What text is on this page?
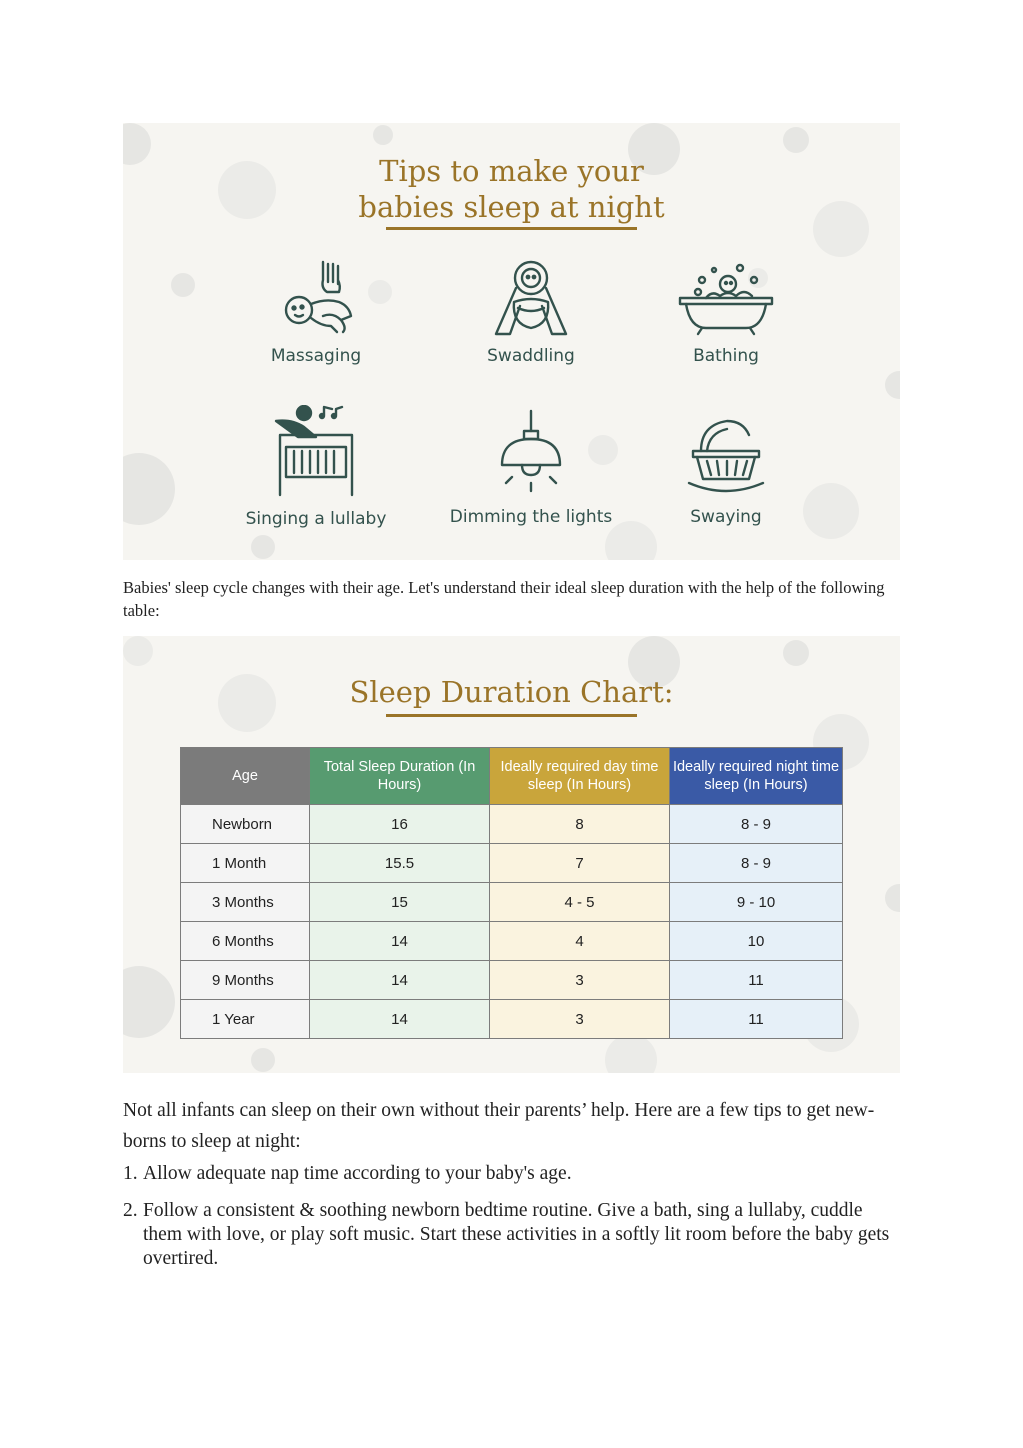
Tips to make your
babies sleep at night
Massaging	Swaddling	Bathing
Singing a lullaby	Dimming the lights	Swaying

Babies' sleep cycle changes with their age. Let's understand their ideal sleep duration with the help of the following table:

Sleep Duration Chart:
Age	Total Sleep Duration (In Hours)	Ideally required day time sleep (In Hours)	Ideally required night time sleep (In Hours)
Newborn	16	8	8 - 9
1 Month	15.5	7	8 - 9
3 Months	15	4 - 5	9 - 10
6 Months	14	4	10
9 Months	14	3	11
1 Year	14	3	11

Not all infants can sleep on their own without their parents’ help. Here are a few tips to get new-borns to sleep at night:

1. Allow adequate nap time according to your baby's age.
2. Follow a consistent & soothing newborn bedtime routine. Give a bath, sing a lullaby, cuddle them with love, or play soft music. Start these activities in a softly lit room before the baby gets overtired.
